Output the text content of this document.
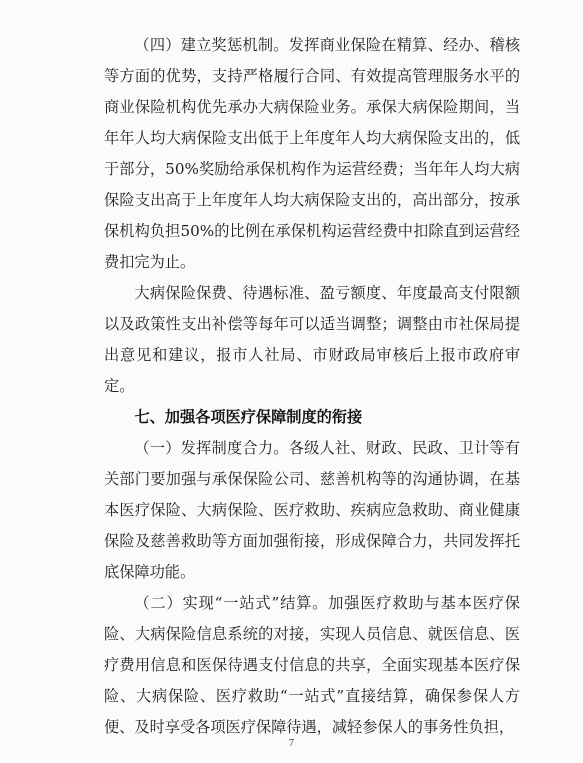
（四）建立奖惩机制。发挥商业保险在精算、经办、稽核等方面的优势，支持严格履行合同、有效提高管理服务水平的商业保险机构优先承办大病保险业务。承保大病保险期间，当年年人均大病保险支出低于上年度年人均大病保险支出的，低于部分，50%奖励给承保机构作为运营经费；当年年人均大病保险支出高于上年度年人均大病保险支出的，高出部分，按承保机构负担50%的比例在承保机构运营经费中扣除直到运营经费扣完为止。

大病保险保费、待遇标准、盈亏额度、年度最高支付限额以及政策性支出补偿等每年可以适当调整；调整由市社保局提出意见和建议，报市人社局、市财政局审核后上报市政府审定。

七、加强各项医疗保障制度的衔接

（一）发挥制度合力。各级人社、财政、民政、卫计等有关部门要加强与承保保险公司、慈善机构等的沟通协调，在基本医疗保险、大病保险、医疗救助、疾病应急救助、商业健康保险及慈善救助等方面加强衔接，形成保障合力，共同发挥托底保障功能。

（二）实现“一站式”结算。加强医疗救助与基本医疗保险、大病保险信息系统的对接，实现人员信息、就医信息、医疗费用信息和医保待遇支付信息的共享，全面实现基本医疗保险、大病保险、医疗救助“一站式”直接结算，确保参保人方便、及时享受各项医疗保障待遇，减轻参保人的事务性负担，

7
